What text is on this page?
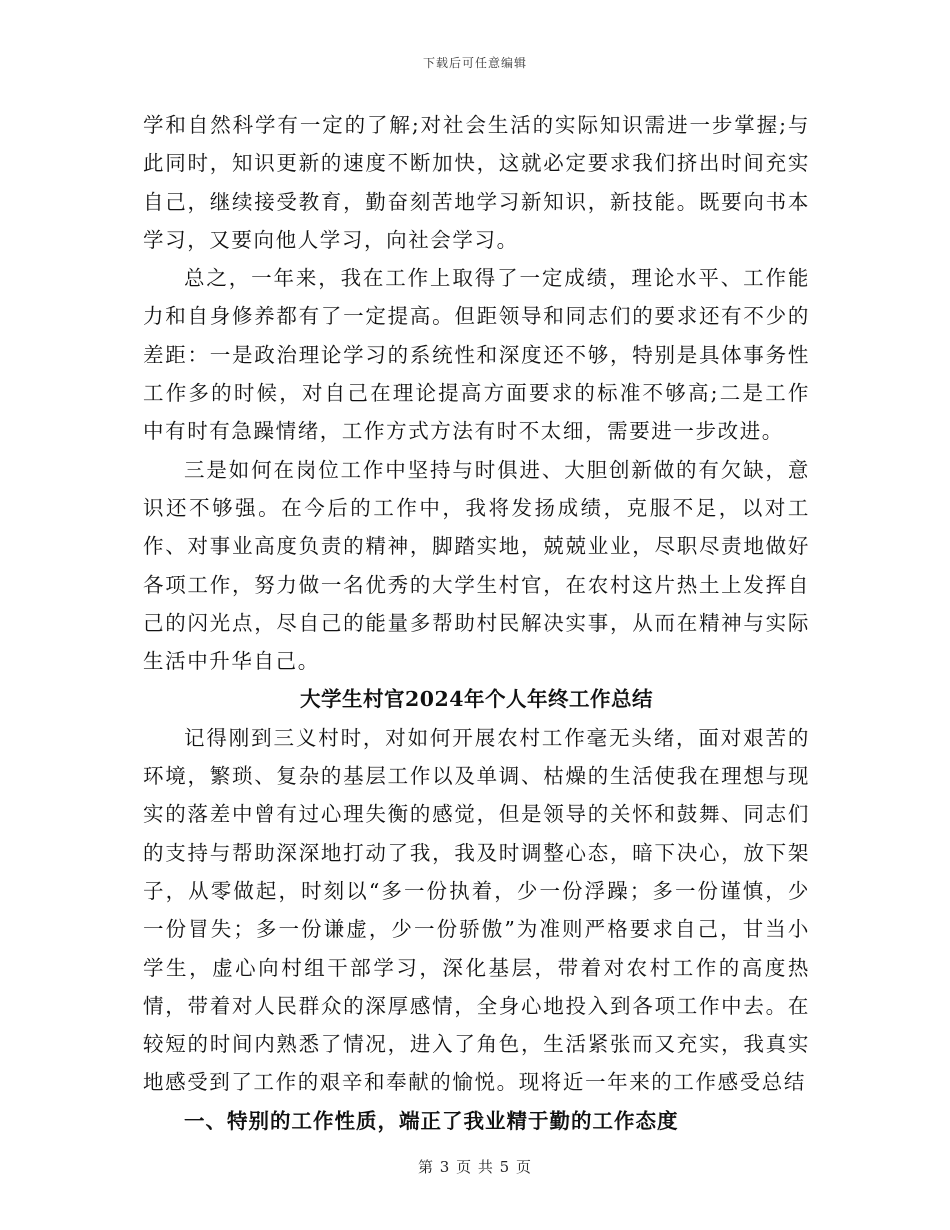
下载后可任意编辑

学和自然科学有一定的了解;对社会生活的实际知识需进一步掌握;与此同时，知识更新的速度不断加快，这就必定要求我们挤出时间充实自己，继续接受教育，勤奋刻苦地学习新知识，新技能。既要向书本学习，又要向他人学习，向社会学习。

总之，一年来，我在工作上取得了一定成绩，理论水平、工作能力和自身修养都有了一定提高。但距领导和同志们的要求还有不少的差距：一是政治理论学习的系统性和深度还不够，特别是具体事务性工作多的时候，对自己在理论提高方面要求的标准不够高;二是工作中有时有急躁情绪，工作方式方法有时不太细，需要进一步改进。

三是如何在岗位工作中坚持与时俱进、大胆创新做的有欠缺，意识还不够强。在今后的工作中，我将发扬成绩，克服不足，以对工作、对事业高度负责的精神，脚踏实地，兢兢业业，尽职尽责地做好各项工作，努力做一名优秀的大学生村官，在农村这片热土上发挥自己的闪光点，尽自己的能量多帮助村民解决实事，从而在精神与实际生活中升华自己。

大学生村官2024年个人年终工作总结

记得刚到三义村时，对如何开展农村工作毫无头绪，面对艰苦的环境，繁琐、复杂的基层工作以及单调、枯燥的生活使我在理想与现实的落差中曾有过心理失衡的感觉，但是领导的关怀和鼓舞、同志们的支持与帮助深深地打动了我，我及时调整心态，暗下决心，放下架子，从零做起，时刻以“多一份执着，少一份浮躁；多一份谨慎，少一份冒失；多一份谦虚，少一份骄傲”为准则严格要求自己，甘当小学生，虚心向村组干部学习，深化基层，带着对农村工作的高度热情，带着对人民群众的深厚感情，全身心地投入到各项工作中去。在较短的时间内熟悉了情况，进入了角色，生活紧张而又充实，我真实地感受到了工作的艰辛和奉献的愉悦。现将近一年来的工作感受总结

一、特别的工作性质，端正了我业精于勤的工作态度

第 3 页 共 5 页
